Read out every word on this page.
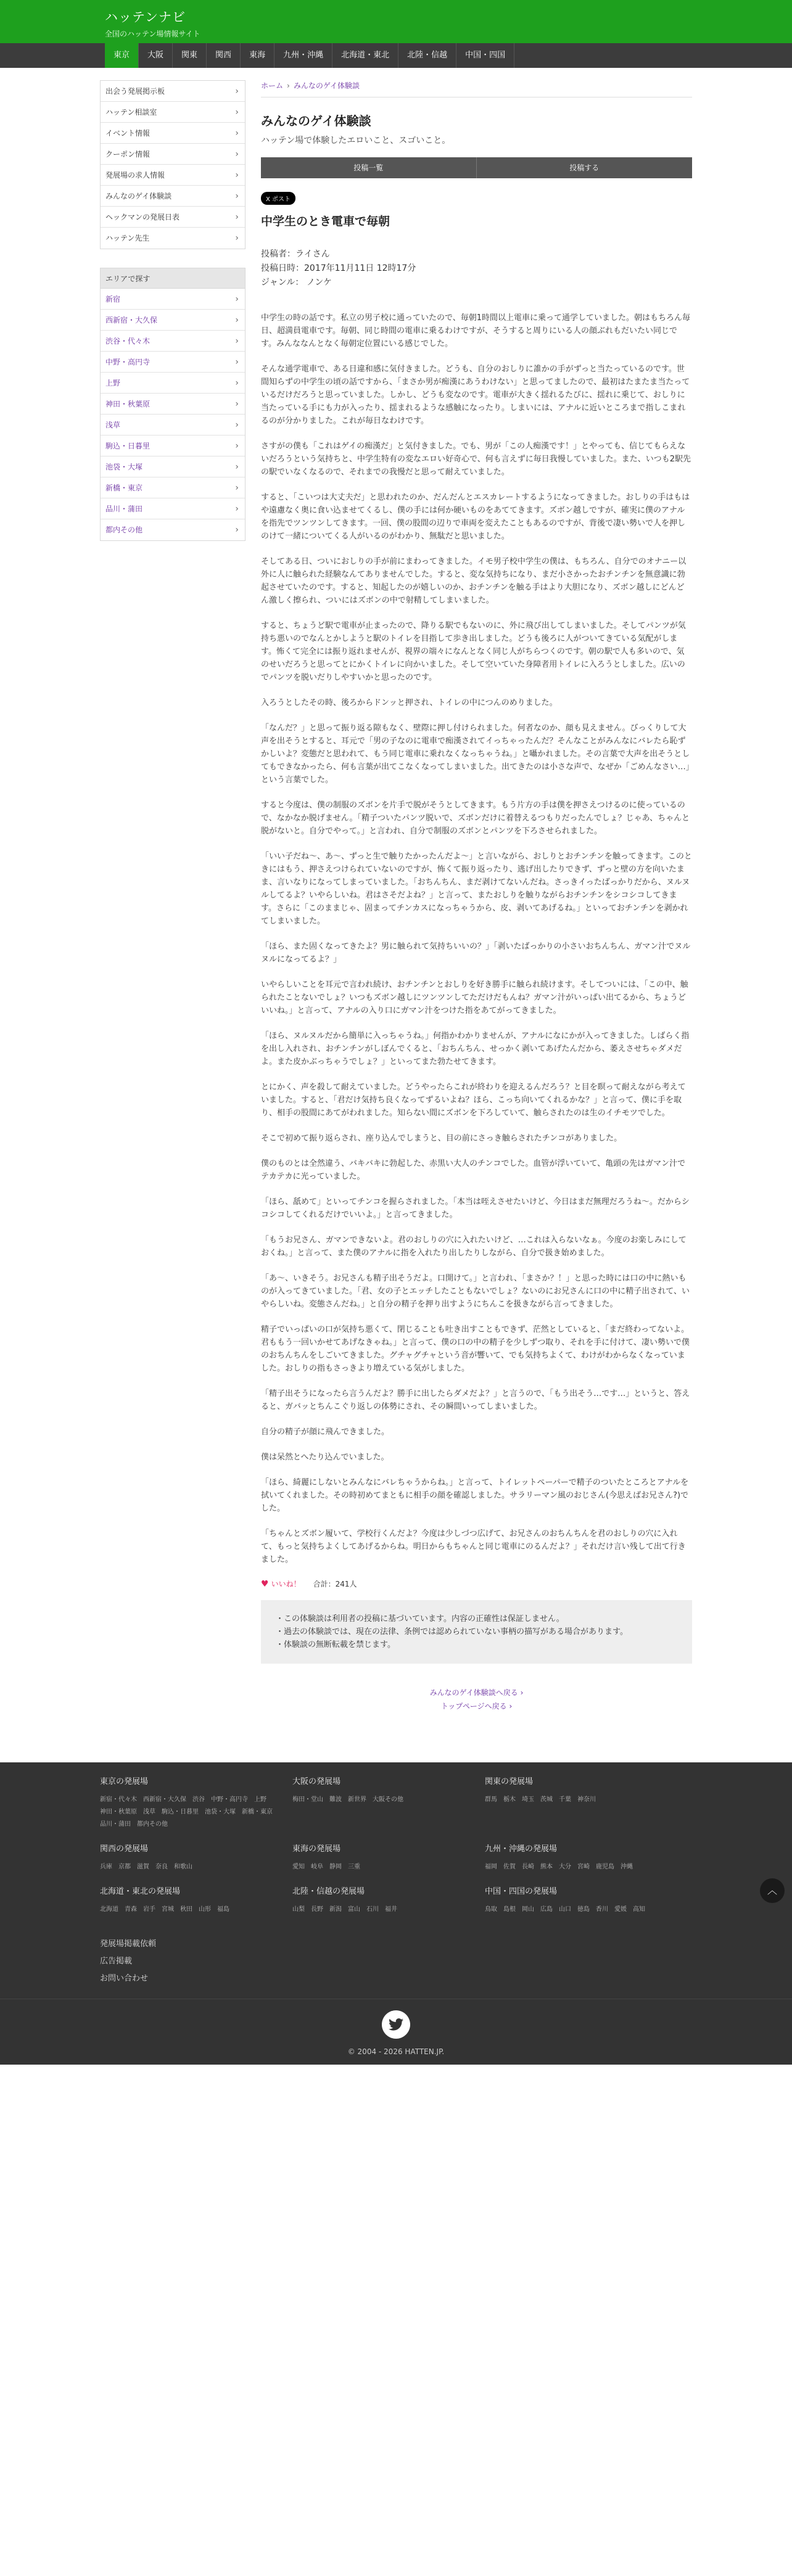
ハッテンナビ
全国のハッテン場情報サイト
東京	大阪	関東	関西	東海	九州・沖縄	北海道・東北	北陸・信越	中国・四国
出会う発展掲示板	›
ハッテン相談室	›
イベント情報	›
クーポン情報	›
発展場の求人情報	›
みんなのゲイ体験談	›
ヘックマンの発展日表	›
ハッテン先生	›
エリアで探す
新宿	›
西新宿・大久保	›
渋谷・代々木	›
中野・高円寺	›
上野	›
神田・秋葉原	›
浅草	›
駒込・日暮里	›
池袋・大塚	›
新橋・東京	›
品川・蒲田	›
都内その他	›
ホーム › みんなのゲイ体験談
みんなのゲイ体験談

ハッテン場で体験したエロいこと、スゴいこと。

投稿一覧	投稿する
X ポスト
中学生のとき電車で毎朝
投稿者：ライさん
投稿日時：2017年11月11日 12時17分
ジャンル： ノンケ

中学生の時の話です。私立の男子校に通っていたので、毎朝1時間以上電車に乗って通学していました。朝はもちろん毎日、超満員電車です。毎朝、同じ時間の電車に乗るわけですが、そうすると周りにいる人の顔ぶれもだいたい同じです。みんななんとなく毎朝定位置にいる感じでした。

そんな通学電車で、ある日違和感に気付きました。どうも、自分のおしりに誰かの手がずっと当たっているのです。世間知らずの中学生の頃の話ですから、「まさか男が痴漢にあうわけない」と思ってましたので、最初はたまたま当たっているだけだろうと思っていました。しかし、どうも変なのです。電車が大きく揺れるたびに、揺れに乗じて、おしりに当たっている手にも力が入ったり、揺まれるような感触になったり。しまいには、アナルに近いところまで指しこまれるのが分かりました。これが毎日なわけです。

さすがの僕も「これはゲイの痴漢だ」と気付きました。でも、男が「この人痴漢です！」とやっても、信じてもらえないだろうという気持ちと、中学生特有の変なエロい好奇心で、何も言えずに毎日我慢していました。また、いつも2駅先の駅でいなくなるので、それまでの我慢だと思って耐えていました。

すると、「こいつは大丈夫だ」と思われたのか、だんだんとエスカレートするようになってきました。おしりの手はもはや遠慮なく奥に食い込ませてくるし、僕の手には何か硬いものをあててきます。ズボン越しですが、確実に僕のアナルを指先でツンツンしてきます。一回、僕の股間の辺りで車両を変えたこともあるのですが、背後で凄い勢いで人を押しのけて一緒についてくる人がいるのがわかり、無駄だと思いました。

そしてある日、ついにおしりの手が前にまわってきました。イモ男子校中学生の僕は、もちろん、自分でのオナニー以外に人に触られた経験なんてありませんでした。すると、変な気持ちになり、まだ小さかったおチンチンを無意識に勃起させていたのです。すると、知起したのが嬉しいのか、おチンチンを触る手はより大胆になり、ズボン越しにどんどん激しく擦られ、ついにはズボンの中で射精してしまいました。

すると、ちょうど駅で電車が止まったので、降りる駅でもないのに、外に飛び出してしまいました。そしてパンツが気持ち悪いのでなんとかしようと駅のトイレを目指して歩き出しました。どうも後ろに人がついてきている気配がします。怖くて完全には振り返れませんが、視界の端々になんとなく同じ人がちらつくのです。朝の駅で人も多いので、気のせいだろうと思ってとにかくトイレに向かいました。そして空いていた身障者用トイレに入ろうとしました。広いのでパンツを脱いだりしやすいかと思ったのです。

入ろうとしたその時、後ろからドンッと押され、トイレの中につんのめりました。

「なんだ？」と思って振り返る隙もなく、壁際に押し付けられました。何者なのか、顔も見えません。びっくりして大声を出そうとすると、耳元で「男の子なのに電車で痴漢されてイっちゃったんだ？そんなことがみんなにバレたら恥ずかしいよ？変態だと思われて、もう同じ電車に乗れなくなっちゃうね。」と囁かれました。その言葉で大声を出そうとしてもできなかったら、何も言葉が出てこなくなってしまいました。出てきたのは小さな声で、なぜか「ごめんなさい…」という言葉でした。

すると今度は、僕の制服のズボンを片手で脱がそうとしてきます。もう片方の手は僕を押さえつけるのに使っているので、なかなか脱げません。「精子ついたパンツ脱いで、ズボンだけに着替えるつもりだったんでしょ？じゃあ、ちゃんと脱がないと。自分でやって。」と言われ、自分で制服のズボンとパンツを下ろさせられました。

「いい子だね〜、あ〜、ずっと生で触りたかったんだよ〜」と言いながら、おしりとおチンチンを触ってきます。このときにはもう、押さえつけられていないのですが、怖くて振り返ったり、逃げ出したりできず、ずっと壁の方を向いたまま、言いなりになってしまっていました。「おちんちん、まだ剥けてないんだね。さっきイったばっかりだから、ヌルヌルしてるよ？いやらしいね。君はさそだよね？」と言って、またおしりを触りながらおチンチンをシコシコしてきます。さらに「このままじゃ、固まってチンカスになっちゃうから、皮、剥いてあげるね。」といっておチンチンを剥かれてしまいました。

「ほら、また固くなってきたよ？男に触られて気持ちいいの？」「剥いたばっかりの小さいおちんちん、ガマン汁でヌルヌルになってるよ？」

いやらしいことを耳元で言われ続け、おチンチンとおしりを好き勝手に触られ続けます。そしてついには、「この中、触られたことないでしょ？いつもズボン越しにツンツンしてただけだもんね？ガマン汁がいっぱい出てるから、ちょうどいいね。」と言って、アナルの入り口にガマン汁をつけた指をあてがってきました。

「ほら、ヌルヌルだから簡単に入っちゃうね。」何指かわかりませんが、アナルになにかが入ってきました。しばらく指を出し入れされ、おチンチンがしぼんでくると、「おちんちん、せっかく剥いてあげたんだから、萎えさせちゃダメだよ。また皮かぶっちゃうでしょ？」といってまた勃たせてきます。

とにかく、声を殺して耐えていました。どうやったらこれが終わりを迎えるんだろう？と目を瞑って耐えながら考えていました。すると、「君だけ気持ち良くなってずるいよね？ほら、こっち向いてくれるかな？」と言って、僕に手を取り、相手の股間にあてがわれました。知らない間にズボンを下ろしていて、触らされたのは生のイチモツでした。

そこで初めて振り返らされ、座り込んでしまうと、目の前にさっき触らされたチンコがありました。

僕のものとは全然違う、バキバキに勃起した、赤黒い大人のチンコでした。血管が浮いていて、亀頭の先はガマン汁でテカテカに光っていました。

「ほら、舐めて」といってチンコを握らされました。「本当は咥えさせたいけど、今日はまだ無理だろうね〜。だからシコシコしてくれるだけでいいよ。」と言ってきました。

「もうお兄さん、ガマンできないよ。君のおしりの穴に入れたいけど、…これは入らないなぁ。今度のお楽しみにしておくね。」と言って、また僕のアナルに指を入れたり出したりしながら、自分で扱き始めました。

「あ〜、いきそう。お兄さんも精子出そうだよ。口開けて。」と言われ、「まさか？！」と思った時には口の中に熱いものが入ってきていました。「君、女の子とエッチしたこともないでしょ？ないのにお兄さんに口の中に精子出されて、いやらしいね。変態さんだね。」と自分の精子を押り出すようにちんこを扱きながら言ってきました。

精子でいっぱいの口が気持ち悪くて、閉じることも吐き出すこともできず、茫然としていると、「まだ終わってないよ。君ももう一回いかせてあげなきゃね。」と言って、僕の口の中の精子を少しずつ取り、それを手に付けて、凄い勢いで僕のおちんちんをしごいてきました。グチャグチャという音が響いて、でも気持ちよくて、わけがわからなくなっていました。おしりの指もさっきより増えている気がしました。

「精子出そうになったら言うんだよ？勝手に出したらダメだよ？」と言うので、「もう出そう…です…」というと、答えると、ガバッとちんこぐり返しの体勢にされ、その瞬間いってしまいました。

自分の精子が顔に飛んできました。

僕は呆然とへたり込んでいました。

「ほら、綺麗にしないとみんなにバレちゃうからね。」と言って、トイレットペーパーで精子のついたところとアナルを拭いてくれました。その時初めてまともに相手の顔を確認しました。サラリーマン風のおじさん(今思えばお兄さん?)でした。

「ちゃんとズボン履いて、学校行くんだよ？今度は少しづつ広げて、お兄さんのおちんちんを君のおしりの穴に入れて、もっと気持ちよくしてあげるからね。明日からもちゃんと同じ電車にのるんだよ？」それだけ言い残して出て行きました。

♥ いいね！ 合計：241人
・この体験談は利用者の投稿に基づいています。内容の正確性は保証しません。
・過去の体験談では、現在の法律、条例では認められていない事柄の描写がある場合があります。
・体験談の無断転載を禁じます。
みんなのゲイ体験談へ戻る ›
トップページへ戻る ›
東京の発展場
新宿・代々木 西新宿・大久保 渋谷 中野・高円寺 上野神田・秋葉原 浅草 駒込・日暮里 池袋・大塚 新橋・東京品川・蒲田 都内その他
大阪の発展場
梅田・堂山 難波 新世界 大阪その他
関東の発展場
群馬 栃木 埼玉 茨城 千葉 神奈川
関西の発展場
兵庫 京都 滋賀 奈良 和歌山
東海の発展場
愛知 岐阜 静岡 三重
九州・沖縄の発展場
福岡 佐賀 長崎 熊本 大分 宮崎 鹿児島 沖縄
北海道・東北の発展場
北海道 青森 岩手 宮城 秋田 山形 福島
北陸・信越の発展場
山梨 長野 新潟 富山 石川 福井
中国・四国の発展場
鳥取 島根 岡山 広島 山口 徳島 香川 愛媛 高知
発展場掲載依頼
広告掲載
お問い合わせ
© 2004 - 2026 HATTEN.JP.
︿
